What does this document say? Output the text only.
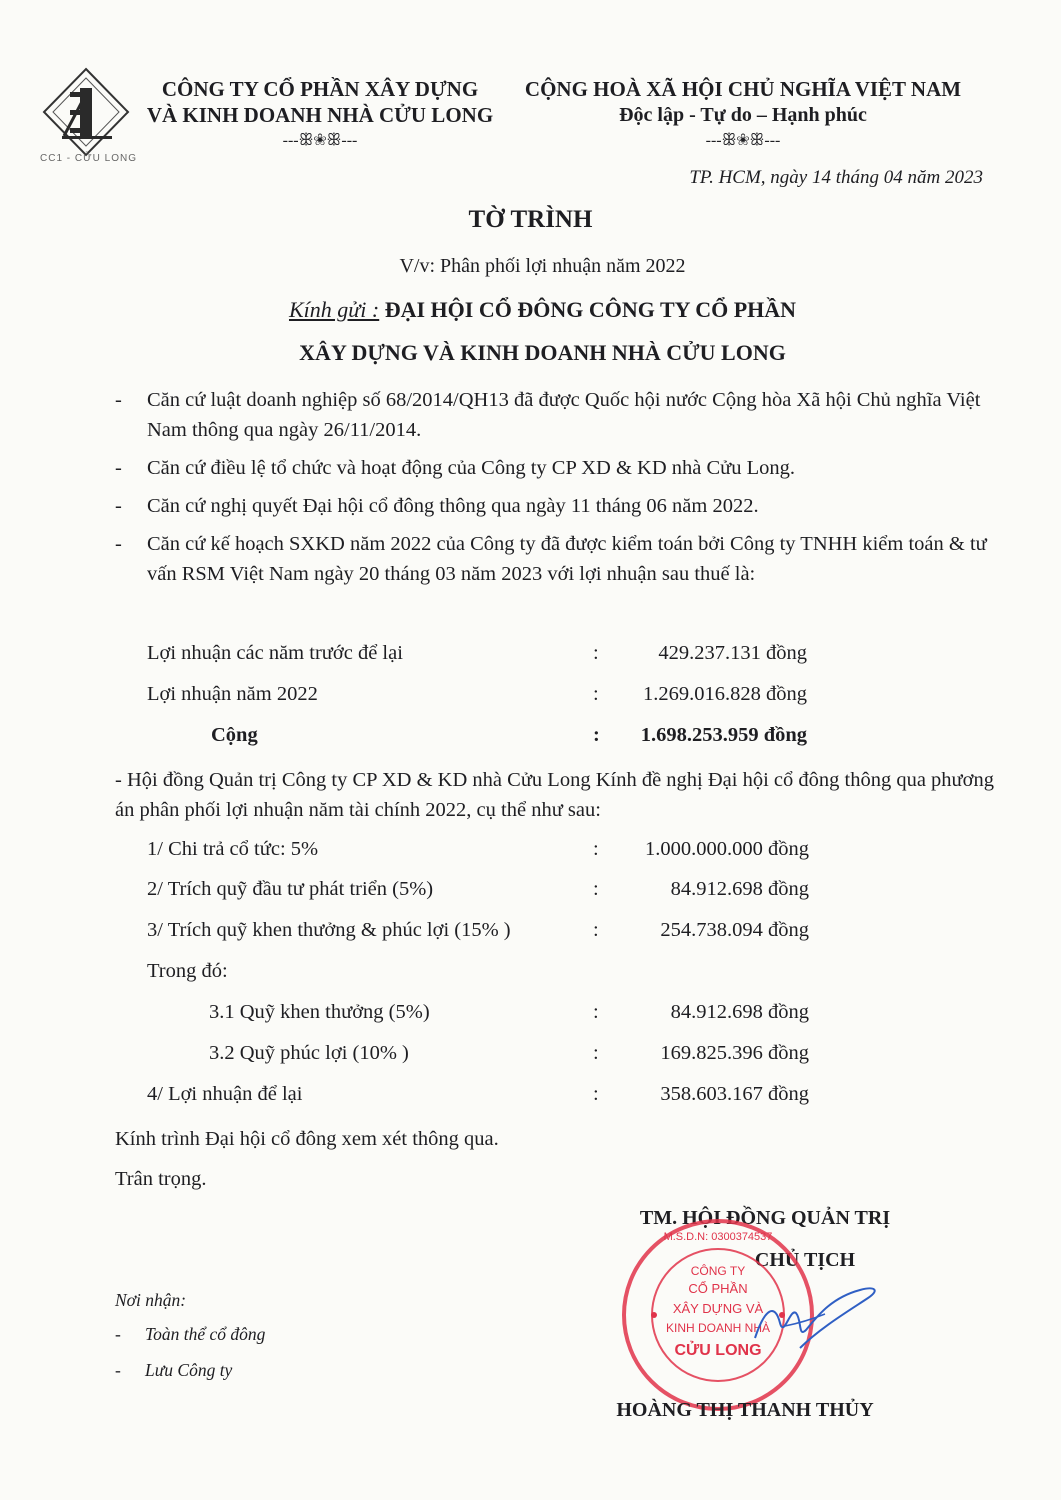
CC1 - CỬU LONG
CÔNG TY CỔ PHẦN XÂY DỰNG
VÀ KINH DOANH NHÀ CỬU LONG
---ꕥ❀ꕥ---
CỘNG HOÀ XÃ HỘI CHỦ NGHĨA VIỆT NAM
Độc lập - Tự do – Hạnh phúc
---ꕥ❀ꕥ---
TP. HCM, ngày 14 tháng 04 năm 2023
TỜ TRÌNH
V/v: Phân phối lợi nhuận năm 2022
Kính gửi : ĐẠI HỘI CỔ ĐÔNG CÔNG TY CỔ PHẦN
XÂY DỰNG VÀ KINH DOANH NHÀ CỬU LONG
-	Căn cứ luật doanh nghiệp số 68/2014/QH13 đã được Quốc hội nước Cộng hòa Xã hội Chủ nghĩa Việt Nam thông qua ngày 26/11/2014.
-	Căn cứ điều lệ tổ chức và hoạt động của Công ty CP XD & KD nhà Cửu Long.
-	Căn cứ nghị quyết Đại hội cổ đông thông qua ngày 11 tháng 06 năm 2022.
-	Căn cứ kế hoạch SXKD năm 2022 của Công ty đã được kiểm toán bởi Công ty TNHH kiểm toán & tư vấn RSM Việt Nam ngày 20 tháng 03 năm 2023 với lợi nhuận sau thuế là:
Lợi nhuận các năm trước để lại	:	429.237.131 đồng
Lợi nhuận năm 2022	: 1.269.016.828 đồng
Cộng	: 1.698.253.959 đồng
- Hội đồng Quản trị Công ty CP XD & KD nhà Cửu Long Kính đề nghị Đại hội cổ đông thông qua phương án phân phối lợi nhuận năm tài chính 2022, cụ thể như sau:
1/ Chi trả cổ tức: 5%	: 1.000.000.000 đồng
2/ Trích quỹ đầu tư phát triển (5%)	:	84.912.698 đồng
3/ Trích quỹ khen thưởng & phúc lợi (15% )	:	254.738.094 đồng
Trong đó:
3.1 Quỹ khen thưởng (5%)	:	84.912.698 đồng
3.2 Quỹ phúc lợi (10% )	:	169.825.396 đồng
4/ Lợi nhuận để lại	:	358.603.167 đồng
Kính trình Đại hội cổ đông xem xét thông qua.
Trân trọng.
TM. HỘI ĐỒNG QUẢN TRỊ
CHỦ TỊCH
M.S.D.N: 0300374537
CÔNG TY
CỔ PHẦN
XÂY DỰNG VÀ
KINH DOANH NHÀ
CỬU LONG
HOÀNG THỊ THANH THỦY
Nơi nhận:
- Toàn thể cổ đông
- Lưu Công ty
